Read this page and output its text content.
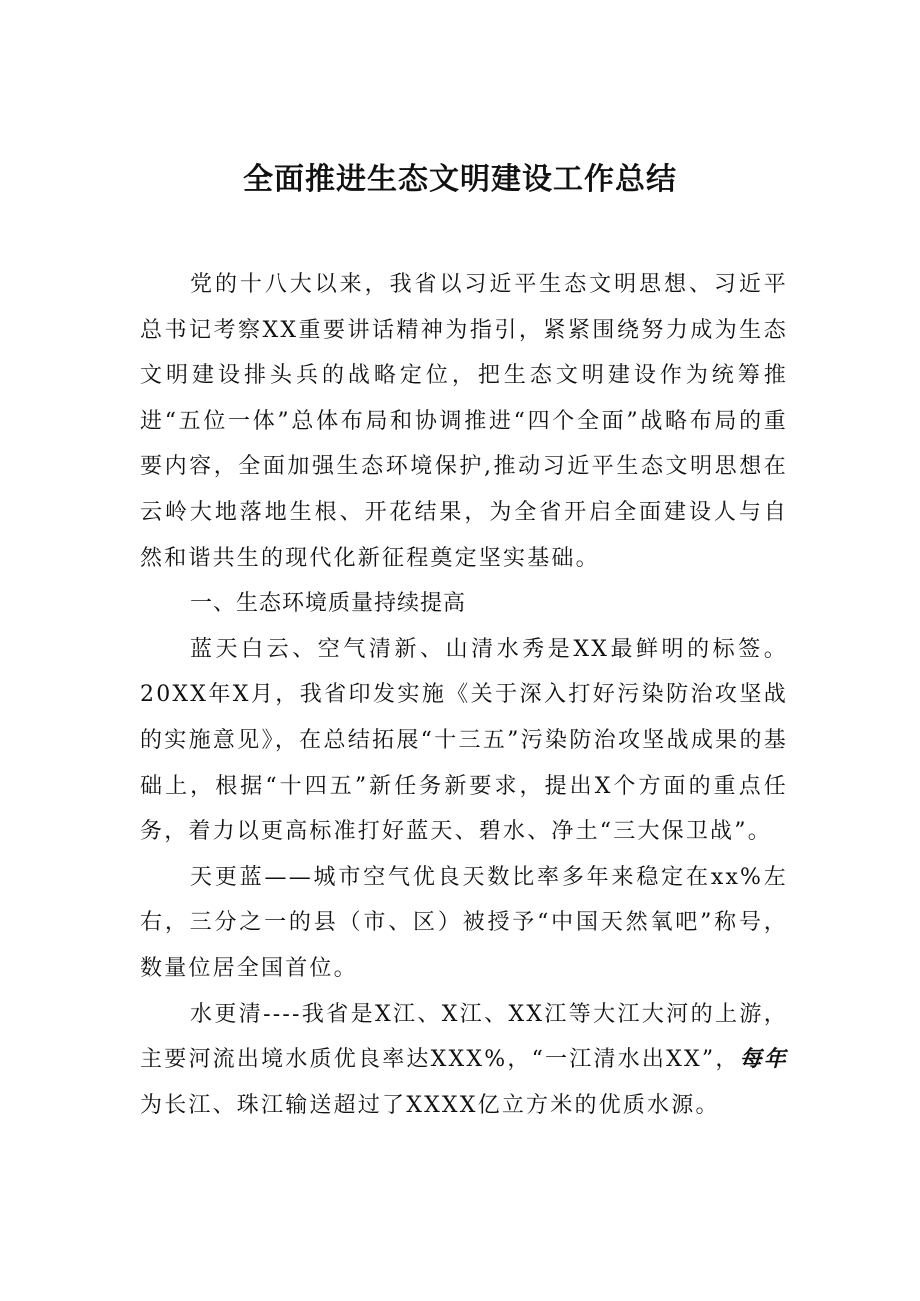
全面推进生态文明建设工作总结

党的十八大以来，我省以习近平生态文明思想、习近平总书记考察XX重要讲话精神为指引，紧紧围绕努力成为生态文明建设排头兵的战略定位，把生态文明建设作为统筹推进“五位一体”总体布局和协调推进“四个全面”战略布局的重要内容，全面加强生态环境保护,推动习近平生态文明思想在云岭大地落地生根、开花结果，为全省开启全面建设人与自然和谐共生的现代化新征程奠定坚实基础。

一、生态环境质量持续提高

蓝天白云、空气清新、山清水秀是XX最鲜明的标签。20XX年X月，我省印发实施《关于深入打好污染防治攻坚战的实施意见》，在总结拓展“十三五”污染防治攻坚战成果的基础上，根据“十四五”新任务新要求，提出X个方面的重点任务，着力以更高标准打好蓝天、碧水、净土“三大保卫战”。

天更蓝——城市空气优良天数比率多年来稳定在xx%左右，三分之一的县（市、区）被授予“中国天然氧吧”称号，数量位居全国首位。

水更清----我省是X江、X江、XX江等大江大河的上游，主要河流出境水质优良率达XXX%，“一江清水出XX”，每年为长江、珠江输送超过了XXXX亿立方米的优质水源。
